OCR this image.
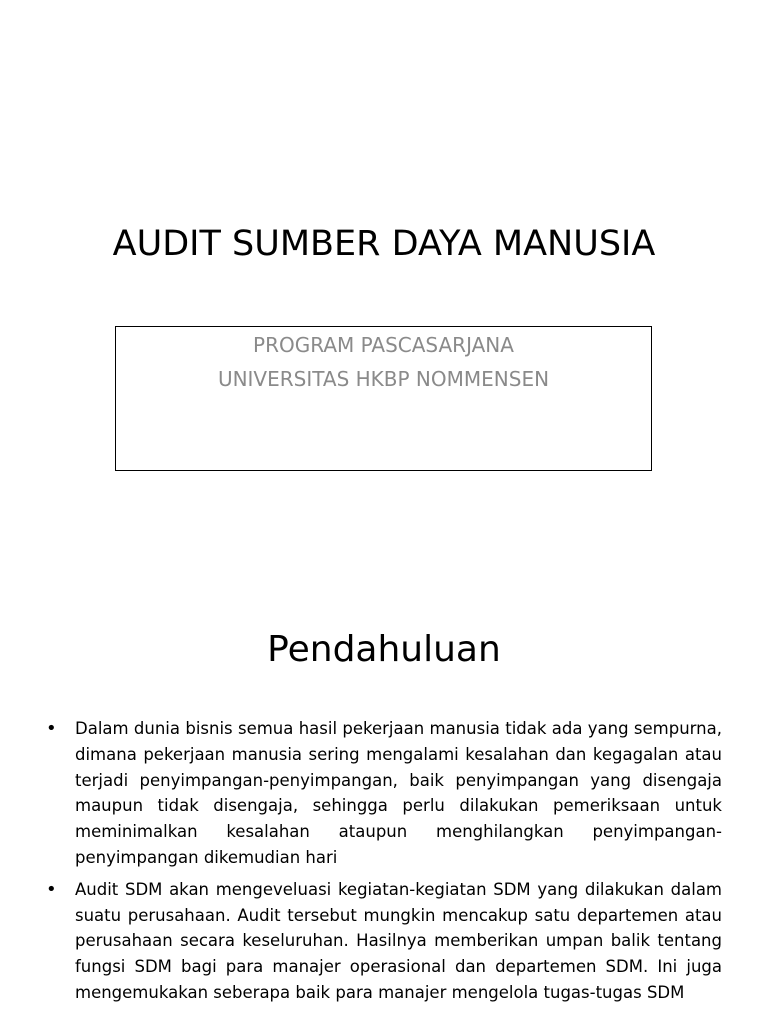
AUDIT SUMBER DAYA MANUSIA
PROGRAM PASCASARJANA
UNIVERSITAS HKBP NOMMENSEN
Pendahuluan
• Dalam dunia bisnis semua hasil pekerjaan manusia tidak ada yang sempurna, dimana pekerjaan manusia sering mengalami kesalahan dan kegagalan atau terjadi penyimpangan-penyimpangan, baik penyimpangan yang disengaja maupun tidak disengaja, sehingga perlu dilakukan pemeriksaan untuk meminimalkan kesalahan ataupun menghilangkan penyimpangan-penyimpangan dikemudian hari
• Audit SDM akan mengeveluasi kegiatan-kegiatan SDM yang dilakukan dalam suatu perusahaan. Audit tersebut mungkin mencakup satu departemen atau perusahaan secara keseluruhan. Hasilnya memberikan umpan balik tentang fungsi SDM bagi para manajer operasional dan departemen SDM. Ini juga mengemukakan seberapa baik para manajer mengelola tugas-tugas SDM
